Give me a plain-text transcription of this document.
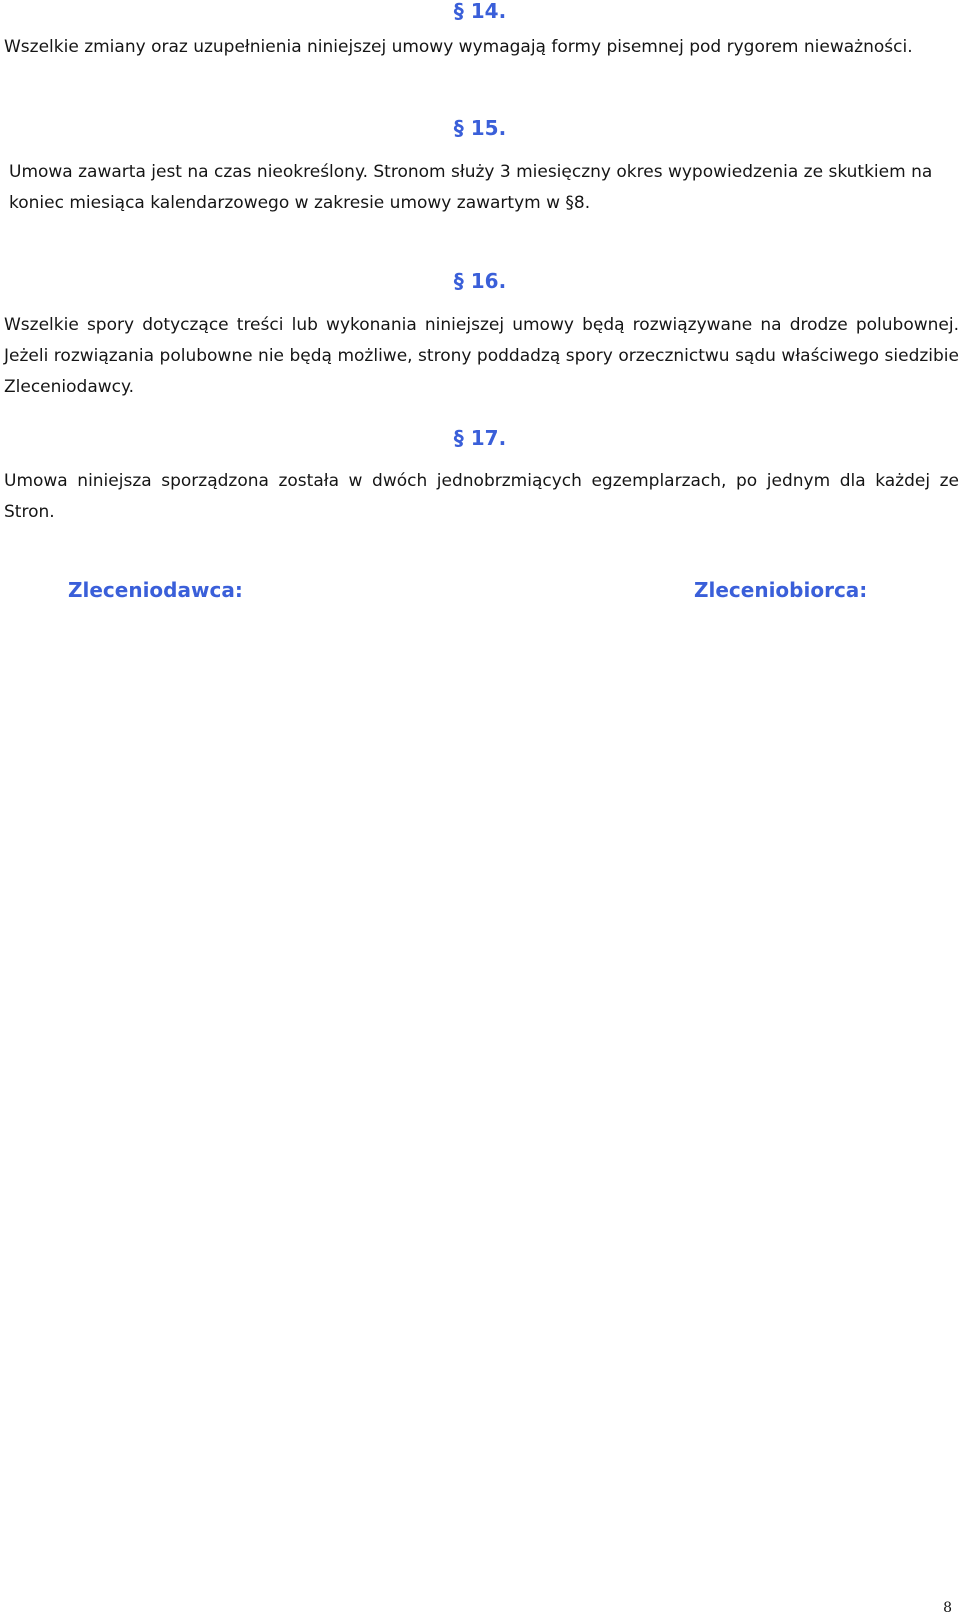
§ 14.

Wszelkie zmiany oraz uzupełnienia niniejszej umowy wymagają formy pisemnej pod rygorem nieważności.

§ 15.

Umowa zawarta jest na czas nieokreślony. Stronom służy 3 miesięczny okres wypowiedzenia ze skutkiem na koniec miesiąca kalendarzowego w zakresie umowy zawartym w §8.

§ 16.

Wszelkie spory dotyczące treści lub wykonania niniejszej umowy będą rozwiązywane na drodze polubownej. Jeżeli rozwiązania polubowne nie będą możliwe, strony poddadzą spory orzecznictwu sądu właściwego siedzibie Zleceniodawcy.

§ 17.

Umowa niniejsza sporządzona została w dwóch jednobrzmiących egzemplarzach, po jednym dla każdej ze Stron.

Zleceniodawca:	Zleceniobiorca:
8
